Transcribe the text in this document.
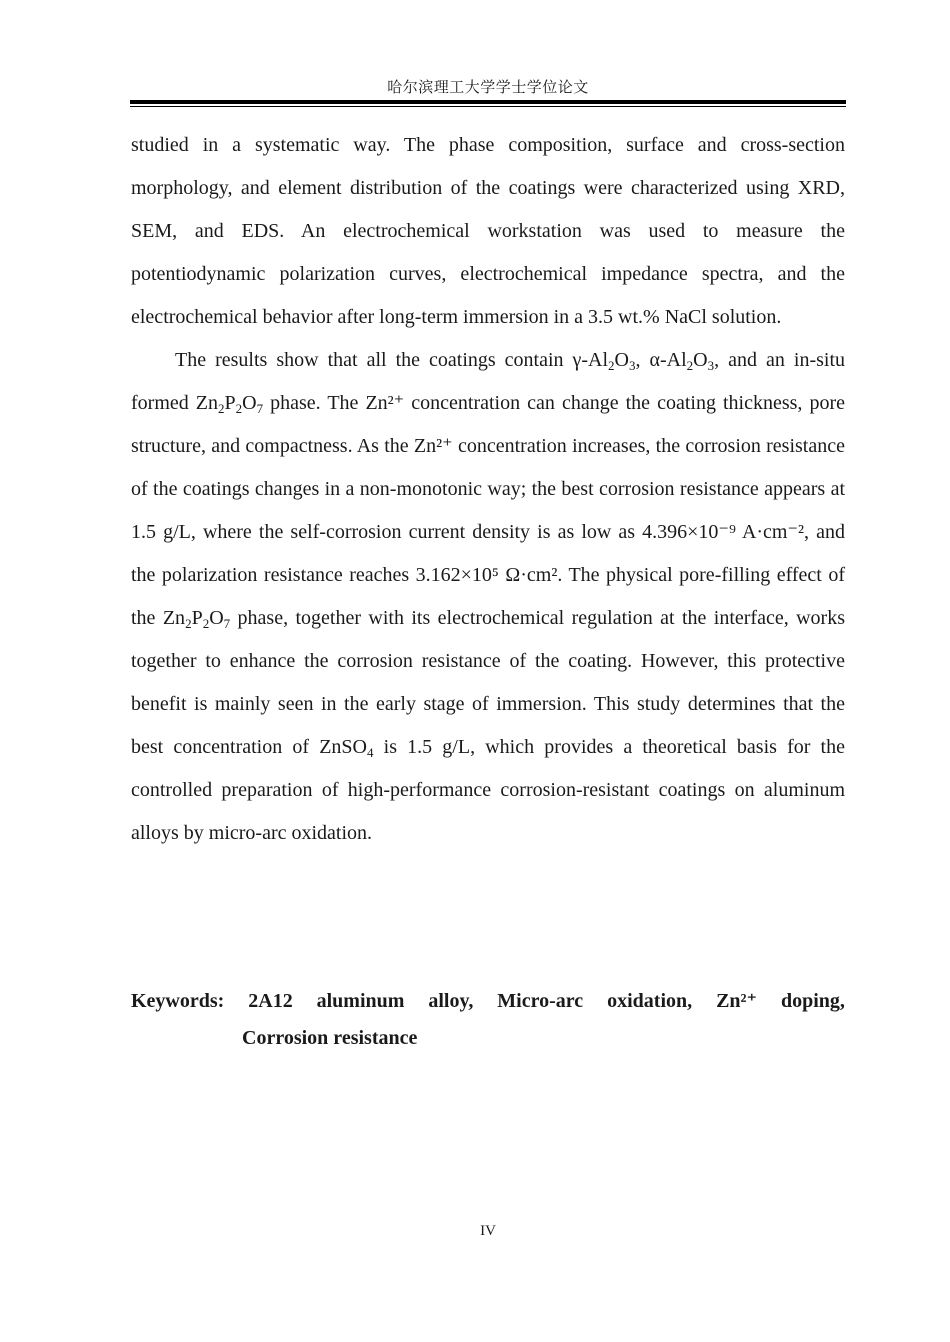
哈尔滨理工大学学士学位论文

studied in a systematic way. The phase composition, surface and cross-section morphology, and element distribution of the coatings were characterized using XRD, SEM, and EDS. An electrochemical workstation was used to measure the potentiodynamic polarization curves, electrochemical impedance spectra, and the electrochemical behavior after long-term immersion in a 3.5 wt.% NaCl solution.

The results show that all the coatings contain $\gamma-Al_2O_3$, $\alpha-Al_2O_3$, and an in-situ formed $Zn_2P_2O_7$ phase. The Zn²⁺ concentration can change the coating thickness, pore structure, and compactness. As the Zn²⁺ concentration increases, the corrosion resistance of the coatings changes in a non-monotonic way; the best corrosion resistance appears at 1.5 g/L, where the self-corrosion current density is as low as 4.396×10⁻⁹ A·cm⁻², and the polarization resistance reaches 3.162×10⁵ Ω·cm². The physical pore-filling effect of the $Zn_2P_2O_7$ phase, together with its electrochemical regulation at the interface, works together to enhance the corrosion resistance of the coating. However, this protective benefit is mainly seen in the early stage of immersion. This study determines that the best concentration of ZnSO$_4$ is 1.5 g/L, which provides a theoretical basis for the controlled preparation of high-performance corrosion-resistant coatings on aluminum alloys by micro-arc oxidation.

Keywords: 2A12 aluminum alloy, Micro-arc oxidation, Zn²⁺ doping,
Corrosion resistance
IV
